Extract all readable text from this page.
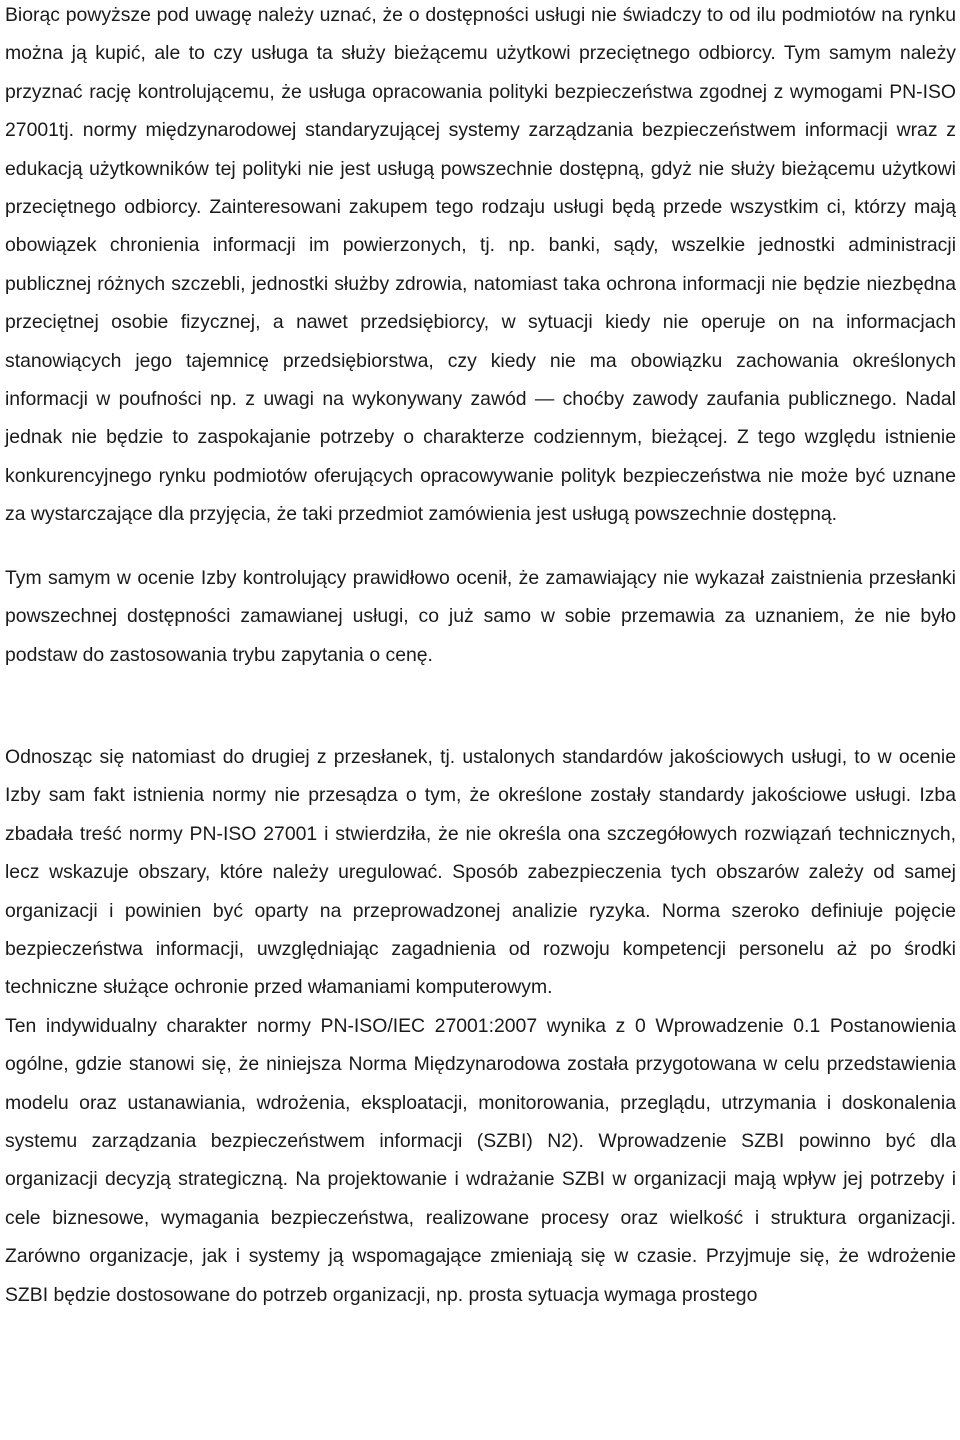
Biorąc powyższe pod uwagę należy uznać, że o dostępności usługi nie świadczy to od ilu podmiotów na rynku można ją kupić, ale to czy usługa ta służy bieżącemu użytkowi przeciętnego odbiorcy. Tym samym należy przyznać rację kontrolującemu, że usługa opracowania polityki bezpieczeństwa zgodnej z wymogami PN-ISO 27001tj. normy międzynarodowej standaryzującej systemy zarządzania bezpieczeństwem informacji wraz z edukacją użytkowników tej polityki nie jest usługą powszechnie dostępną, gdyż nie służy bieżącemu użytkowi przeciętnego odbiorcy. Zainteresowani zakupem tego rodzaju usługi będą przede wszystkim ci, którzy mają obowiązek chronienia informacji im powierzonych, tj. np. banki, sądy, wszelkie jednostki administracji publicznej różnych szczebli, jednostki służby zdrowia, natomiast taka ochrona informacji nie będzie niezbędna przeciętnej osobie fizycznej, a nawet przedsiębiorcy, w sytuacji kiedy nie operuje on na informacjach stanowiących jego tajemnicę przedsiębiorstwa, czy kiedy nie ma obowiązku zachowania określonych informacji w poufności np. z uwagi na wykonywany zawód — choćby zawody zaufania publicznego. Nadal jednak nie będzie to zaspokajanie potrzeby o charakterze codziennym, bieżącej. Z tego względu istnienie konkurencyjnego rynku podmiotów oferujących opracowywanie polityk bezpieczeństwa nie może być uznane za wystarczające dla przyjęcia, że taki przedmiot zamówienia jest usługą powszechnie dostępną.

Tym samym w ocenie Izby kontrolujący prawidłowo ocenił, że zamawiający nie wykazał zaistnienia przesłanki powszechnej dostępności zamawianej usługi, co już samo w sobie przemawia za uznaniem, że nie było podstaw do zastosowania trybu zapytania o cenę.

Odnosząc się natomiast do drugiej z przesłanek, tj. ustalonych standardów jakościowych usługi, to w ocenie Izby sam fakt istnienia normy nie przesądza o tym, że określone zostały standardy jakościowe usługi. Izba zbadała treść normy PN-ISO 27001 i stwierdziła, że nie określa ona szczegółowych rozwiązań technicznych, lecz wskazuje obszary, które należy uregulować. Sposób zabezpieczenia tych obszarów zależy od samej organizacji i powinien być oparty na przeprowadzonej analizie ryzyka. Norma szeroko definiuje pojęcie bezpieczeństwa informacji, uwzględniając zagadnienia od rozwoju kompetencji personelu aż po środki techniczne służące ochronie przed włamaniami komputerowym.

Ten indywidualny charakter normy PN-ISO/IEC 27001:2007 wynika z 0 Wprowadzenie 0.1 Postanowienia ogólne, gdzie stanowi się, że niniejsza Norma Międzynarodowa została przygotowana w celu przedstawienia modelu oraz ustanawiania, wdrożenia, eksploatacji, monitorowania, przeglądu, utrzymania i doskonalenia systemu zarządzania bezpieczeństwem informacji (SZBI) N2). Wprowadzenie SZBI powinno być dla organizacji decyzją strategiczną. Na projektowanie i wdrażanie SZBI w organizacji mają wpływ jej potrzeby i cele biznesowe, wymagania bezpieczeństwa, realizowane procesy oraz wielkość i struktura organizacji. Zarówno organizacje, jak i systemy ją wspomagające zmieniają się w czasie. Przyjmuje się, że wdrożenie SZBI będzie dostosowane do potrzeb organizacji, np. prosta sytuacja wymaga prostego
